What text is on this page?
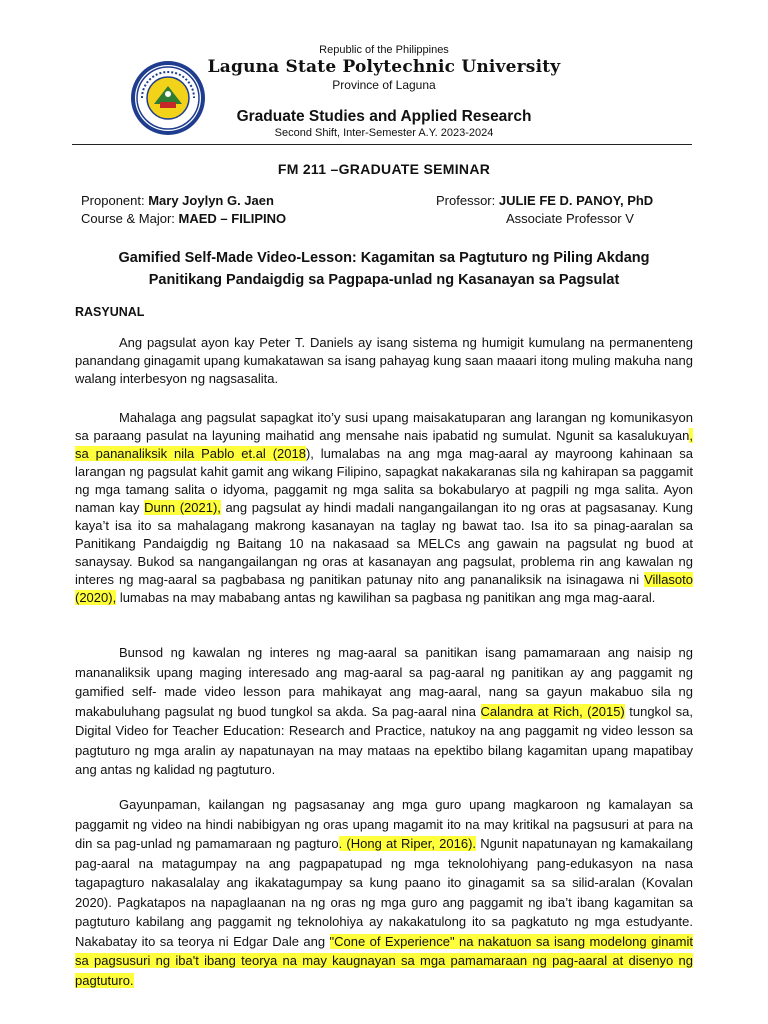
Republic of the Philippines
Laguna State Polytechnic University
Province of Laguna
Graduate Studies and Applied Research
Second Shift, Inter-Semester A.Y. 2023-2024
FM 211 –GRADUATE SEMINAR
Proponent: Mary Joylyn G. Jaen
Course & Major: MAED – FILIPINO
Professor: JULIE FE D. PANOY, PhD
Associate Professor V
Gamified Self-Made Video-Lesson: Kagamitan sa Pagtuturo ng Piling Akdang
Panitikang Pandaigdig sa Pagpapa-unlad ng Kasanayan sa Pagsulat
RASYUNAL

Ang pagsulat ayon kay Peter T. Daniels ay isang sistema ng humigit kumulang na permanenteng panandang ginagamit upang kumakatawan sa isang pahayag kung saan maaari itong muling makuha nang walang interbesyon ng nagsasalita.

Mahalaga ang pagsulat sapagkat ito’y susi upang maisakatuparan ang larangan ng komunikasyon sa paraang pasulat na layuning maihatid ang mensahe nais ipabatid ng sumulat. Ngunit sa kasalukuyan, sa pananaliksik nila Pablo et.al (2018), lumalabas na ang mga mag-aaral ay mayroong kahinaan sa larangan ng pagsulat kahit gamit ang wikang Filipino, sapagkat nakakaranas sila ng kahirapan sa paggamit ng mga tamang salita o idyoma, paggamit ng mga salita sa bokabularyo at pagpili ng mga salita. Ayon naman kay Dunn (2021), ang pagsulat ay hindi madali nangangailangan ito ng oras at pagsasanay. Kung kaya’t isa ito sa mahalagang makrong kasanayan na taglay ng bawat tao. Isa ito sa pinag-aaralan sa Panitikang Pandaigdig ng Baitang 10 na nakasaad sa MELCs ang gawain na pagsulat ng buod at sanaysay. Bukod sa nangangailangan ng oras at kasanayan ang pagsulat, problema rin ang kawalan ng interes ng mag-aaral sa pagbabasa ng panitikan patunay nito ang pananaliksik na isinagawa ni Villasoto (2020), lumabas na may mababang antas ng kawilihan sa pagbasa ng panitikan ang mga mag-aaral.

Bunsod ng kawalan ng interes ng mag-aaral sa panitikan isang pamamaraan ang naisip ng mananaliksik upang maging interesado ang mag-aaral sa pag-aaral ng panitikan ay ang paggamit ng gamified self- made video lesson para mahikayat ang mag-aaral, nang sa gayun makabuo sila ng makabuluhang pagsulat ng buod tungkol sa akda. Sa pag-aaral nina Calandra at Rich, (2015) tungkol sa, Digital Video for Teacher Education: Research and Practice, natukoy na ang paggamit ng video lesson sa pagtuturo ng mga aralin ay napatunayan na may mataas na epektibo bilang kagamitan upang mapatibay ang antas ng kalidad ng pagtuturo.

Gayunpaman, kailangan ng pagsasanay ang mga guro upang magkaroon ng kamalayan sa paggamit ng video na hindi nabibigyan ng oras upang magamit ito na may kritikal na pagsusuri at para na din sa pag-unlad ng pamamaraan ng pagturo. (Hong at Riper, 2016). Ngunit napatunayan ng kamakailang pag-aaral na matagumpay na ang pagpapatupad ng mga teknolohiyang pang-edukasyon na nasa tagapagturo nakasalalay ang ikakatagumpay sa kung paano ito ginagamit sa sa silid-aralan (Kovalan 2020). Pagkatapos na napaglaanan na ng oras ng mga guro ang paggamit ng iba’t ibang kagamitan sa pagtuturo kabilang ang paggamit ng teknolohiya ay nakakatulong ito sa pagkatuto ng mga estudyante. Nakabatay ito sa teorya ni Edgar Dale ang "Cone of Experience" na nakatuon sa isang modelong ginamit sa pagsusuri ng iba't ibang teorya na may kaugnayan sa mga pamamaraan ng pag-aaral at disenyo ng pagtuturo.
